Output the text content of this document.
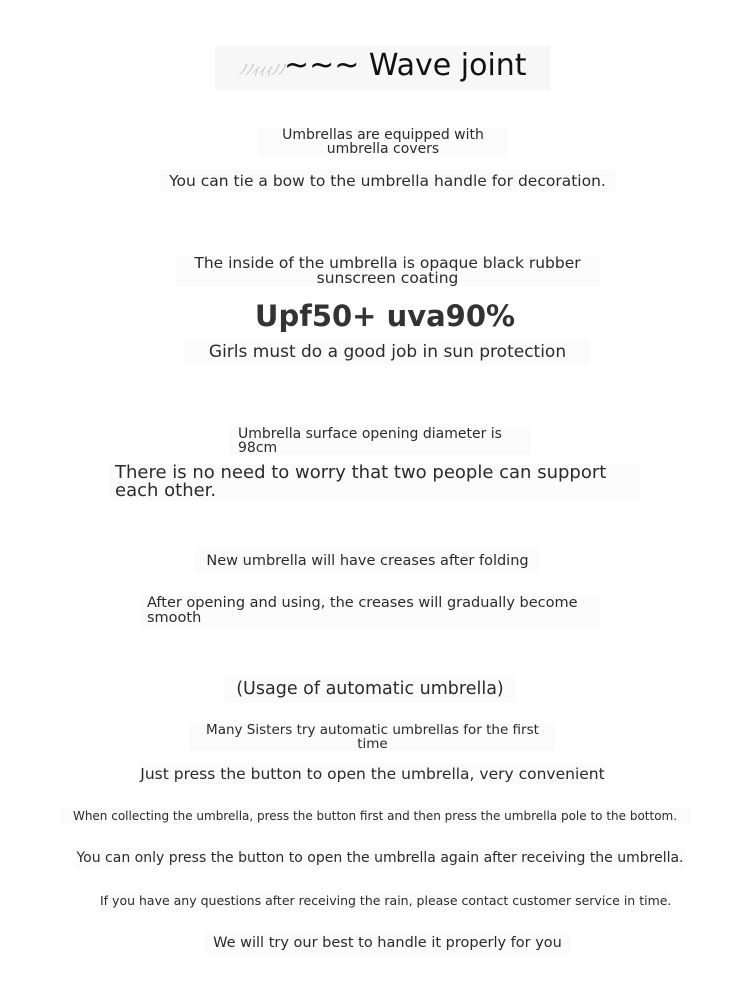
ﾉﾉｨｨｨﾉﾉ~~~ Wave joint
Umbrellas are equipped with
umbrella covers
You can tie a bow to the umbrella handle for decoration.
The inside of the umbrella is opaque black rubber
sunscreen coating
Upf50+ uva90%
Girls must do a good job in sun protection
Umbrella surface opening diameter is
98cm
There is no need to worry that two people can support
each other.
New umbrella will have creases after folding
After opening and using, the creases will gradually become
smooth
(Usage of automatic umbrella)
Many Sisters try automatic umbrellas for the first
time
Just press the button to open the umbrella, very convenient
When collecting the umbrella, press the button first and then press the umbrella pole to the bottom.
You can only press the button to open the umbrella again after receiving the umbrella.
If you have any questions after receiving the rain, please contact customer service in time.
We will try our best to handle it properly for you
